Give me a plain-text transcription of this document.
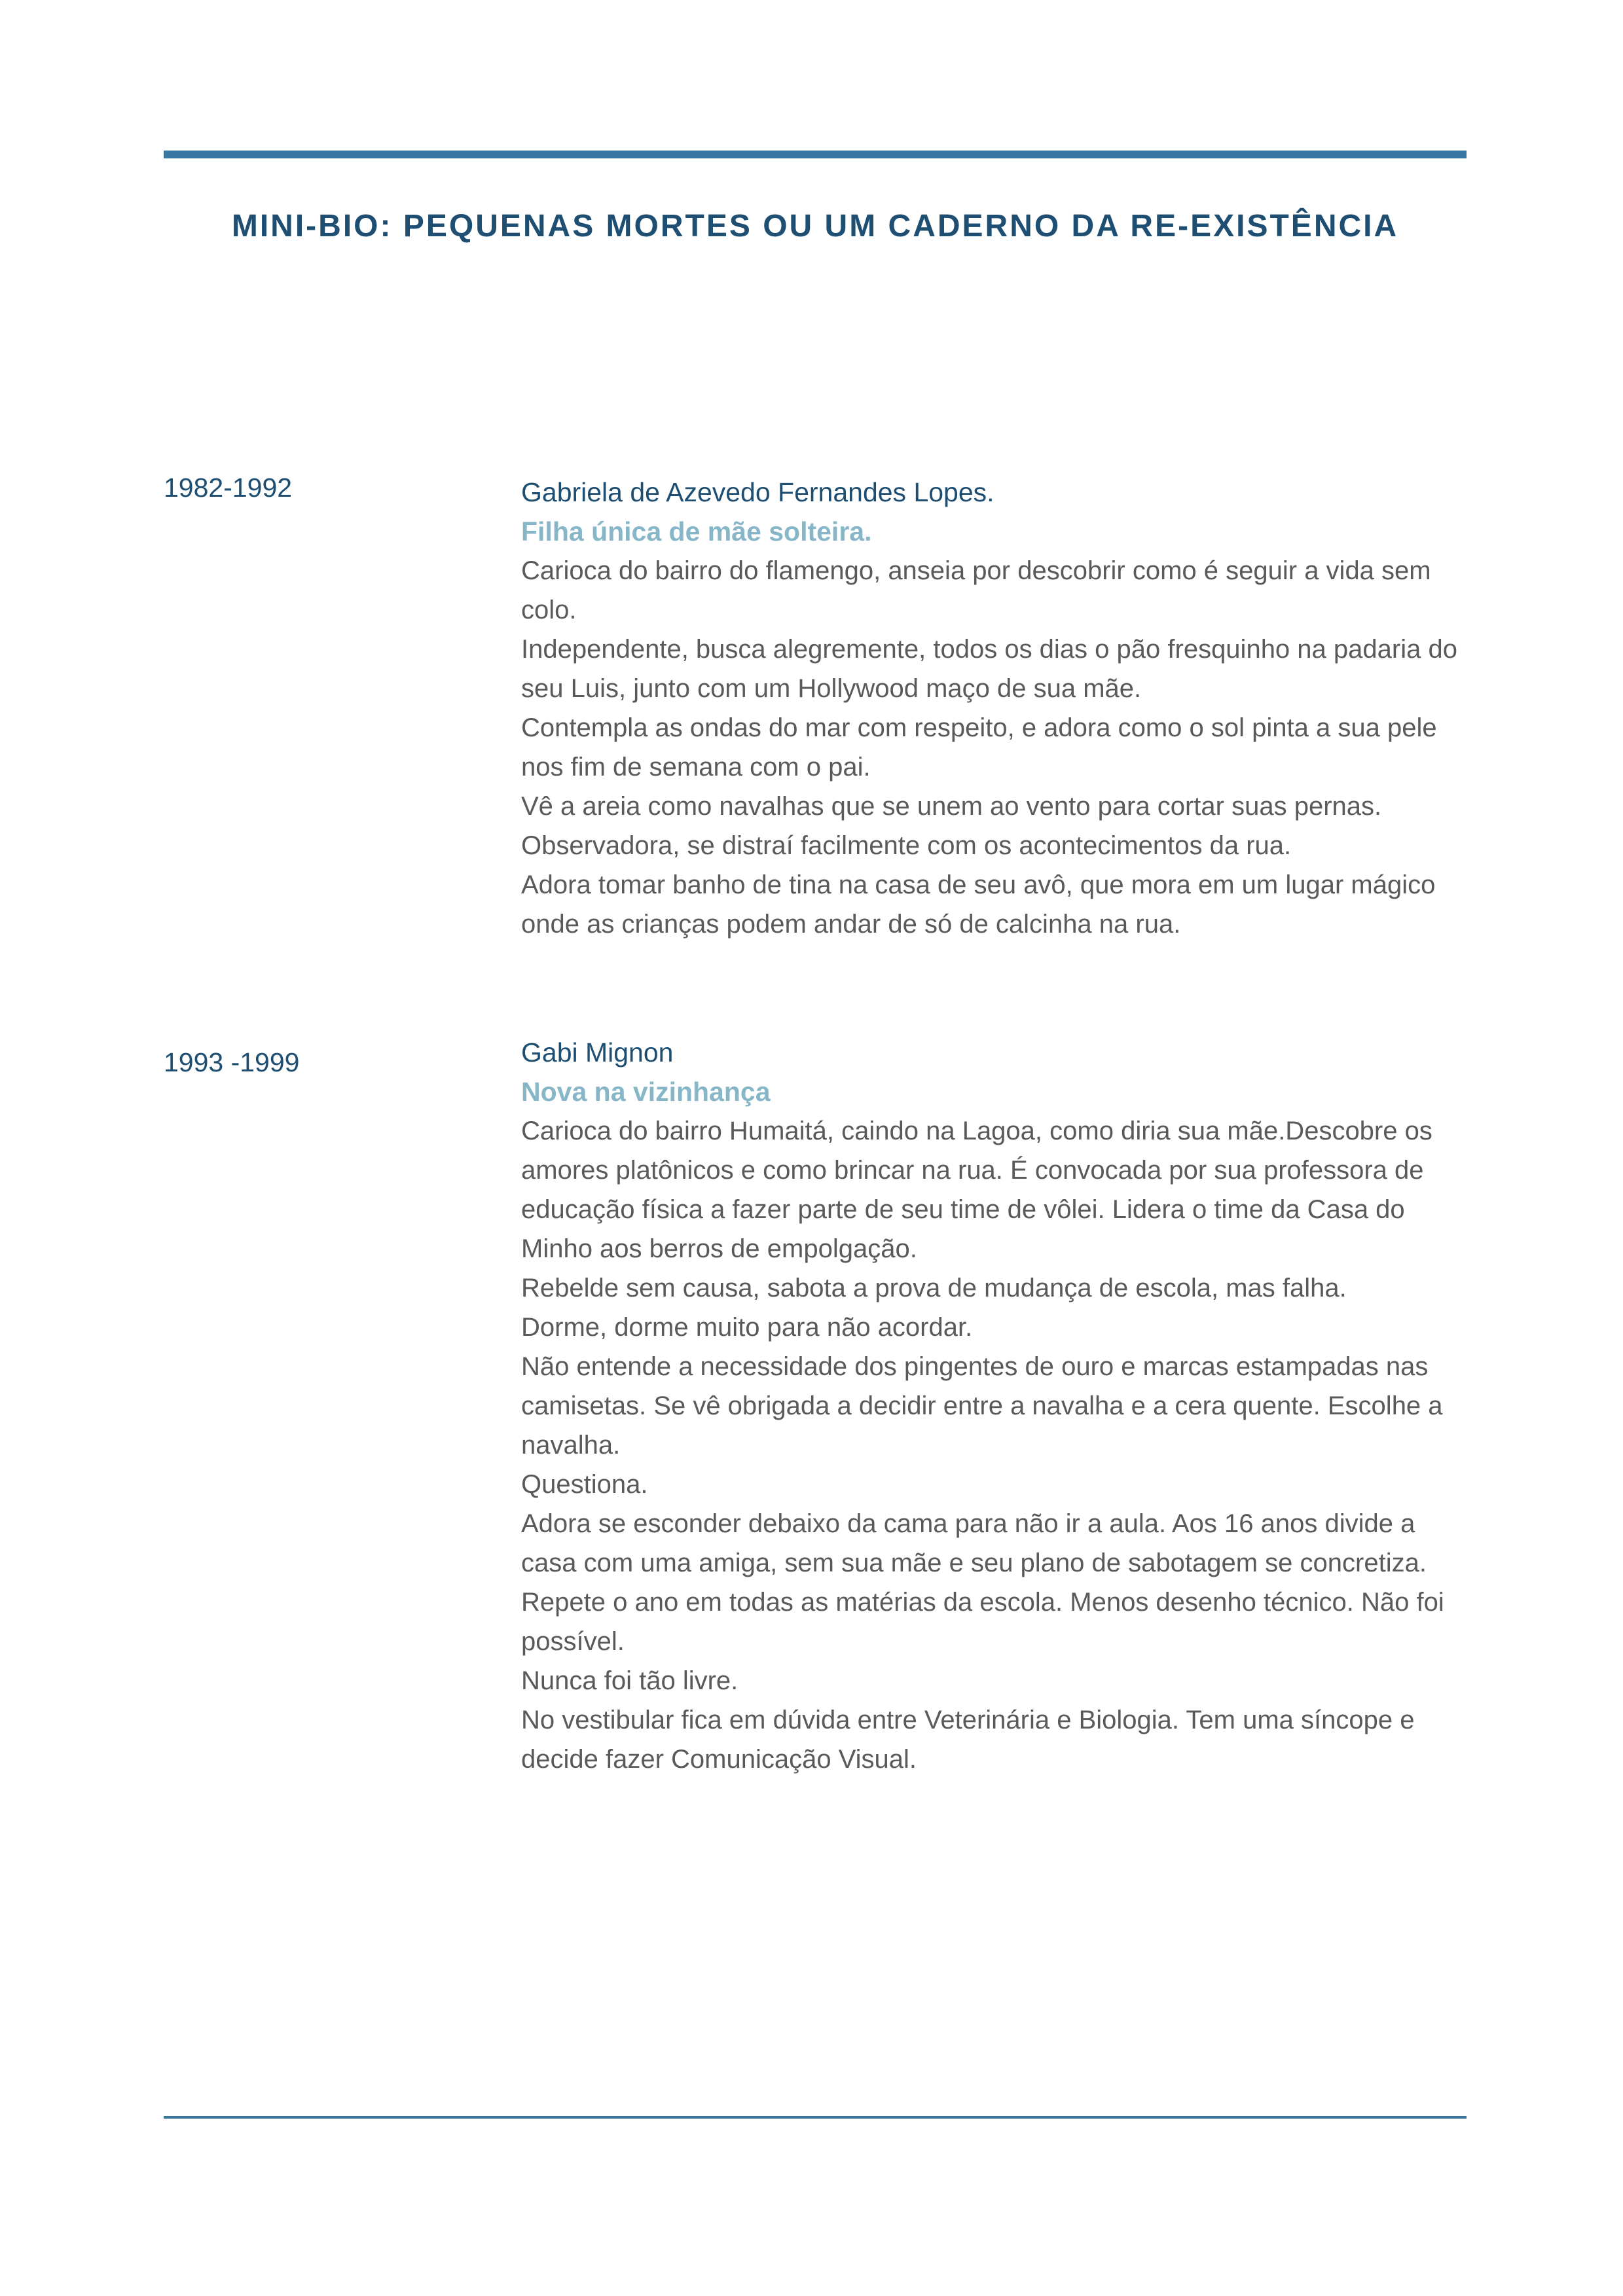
MINI-BIO: PEQUENAS MORTES OU UM CADERNO DA RE-EXISTÊNCIA

1982-1992	Gabriela de Azevedo Fernandes Lopes.

Filha única de mãe solteira.

Carioca do bairro do flamengo, anseia por descobrir como é seguir a vida sem colo.

Independente, busca alegremente, todos os dias o pão fresquinho na padaria do seu Luis, junto com um Hollywood maço de sua mãe.

Contempla as ondas do mar com respeito, e adora como o sol pinta a sua pele nos fim de semana com o pai.

Vê a areia como navalhas que se unem ao vento para cortar suas pernas.

Observadora, se distraí facilmente com os acontecimentos da rua.

Adora tomar banho de tina na casa de seu avô, que mora em um lugar mágico onde as crianças podem andar de só de calcinha na rua.

1993 -1999	Gabi Mignon

Nova na vizinhança

Carioca do bairro Humaitá, caindo na Lagoa, como diria sua mãe.Descobre os amores platônicos e como brincar na rua. É convocada por sua professora de educação física a fazer parte de seu time de vôlei. Lidera o time da Casa do Minho aos berros de empolgação.

Rebelde sem causa, sabota a prova de mudança de escola, mas falha.

Dorme, dorme muito para não acordar.

Não entende a necessidade dos pingentes de ouro e marcas estampadas nas camisetas. Se vê obrigada a decidir entre a navalha e a cera quente. Escolhe a navalha.

Questiona.

Adora se esconder debaixo da cama para não ir a aula. Aos 16 anos divide a casa com uma amiga, sem sua mãe e seu plano de sabotagem se concretiza.

Repete o ano em todas as matérias da escola. Menos desenho técnico. Não foi possível.

Nunca foi tão livre.

No vestibular fica em dúvida entre Veterinária e Biologia. Tem uma síncope e decide fazer Comunicação Visual.
